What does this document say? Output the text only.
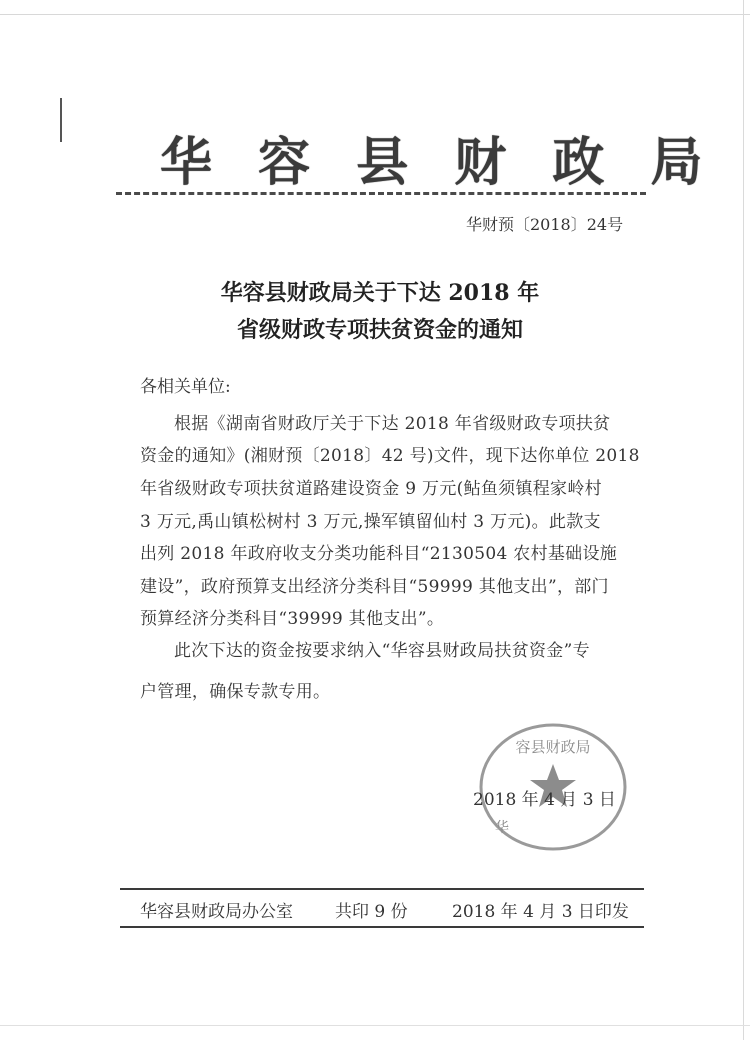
华 容 县 财 政 局
华财预〔2018〕24号
华容县财政局关于下达 2018 年
省级财政专项扶贫资金的通知
各相关单位:
根据《湖南省财政厅关于下达 2018 年省级财政专项扶贫
资金的通知》(湘财预〔2018〕42 号)文件，现下达你单位 2018
年省级财政专项扶贫道路建设资金 9 万元(鲇鱼须镇程家岭村
3 万元,禹山镇松树村 3 万元,操军镇留仙村 3 万元)。此款支
出列 2018 年政府收支分类功能科目“2130504 农村基础设施
建设”，政府预算支出经济分类科目“59999 其他支出”，部门
预算经济分类科目“39999 其他支出”。
此次下达的资金按要求纳入“华容县财政局扶贫资金”专
户管理，确保专款专用。
容县财政局
华
2018 年 4 月 3 日
华容县财政局办公室 共印 9 份	2018 年 4 月 3 日印发
